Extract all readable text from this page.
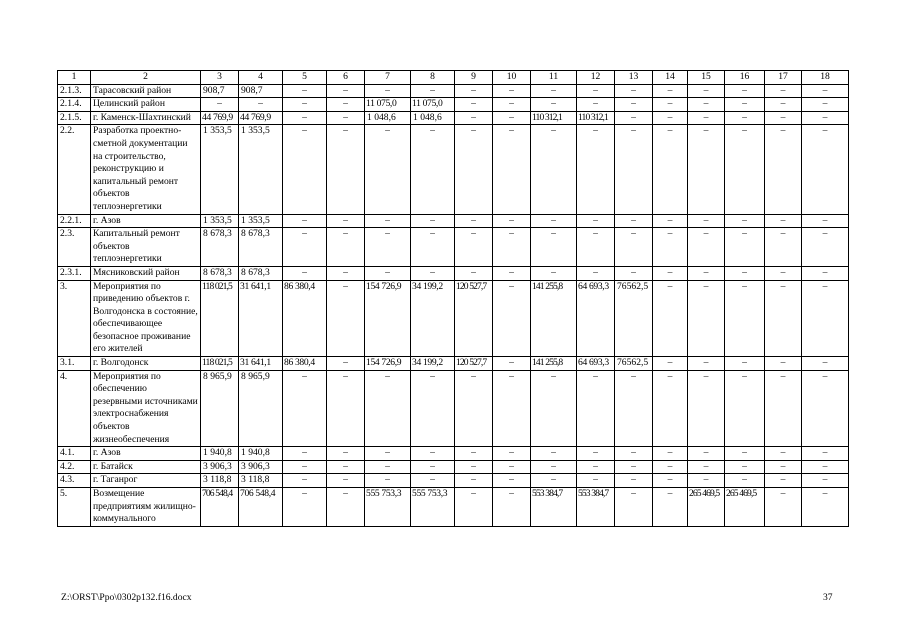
1	2	3	4	5	6	7	8	9	10	11	12	13	14	15	16	17	18
2.1.3.	Тарасовский район	908,7	908,7	–	–	–	–	–	–	–	–	–	–	–	–	–	–
2.1.4.	Целинский район	–	–	–	–	11 075,0	11 075,0	–	–	–	–	–	–	–	–	–	–
2.1.5.	г. Каменск-Шахтинский	44 769,9	44 769,9	–	–	1 048,6	1 048,6	–	–	110 312,1	110 312,1	–	–	–	–	–	–
2.2.	Разработка проектно-сметной документации на строительство, реконструкцию и капитальный ремонт объектов теплоэнергетики	1 353,5	1 353,5	–	–	–	–	–	–	–	–	–	–	–	–	–	–
2.2.1.	г. Азов	1 353,5	1 353,5	–	–	–	–	–	–	–	–	–	–	–	–	–	–
2.3.	Капитальный ремонт объектов теплоэнергетики	8 678,3	8 678,3	–	–	–	–	–	–	–	–	–	–	–	–	–	–
2.3.1.	Мясниковский район	8 678,3	8 678,3	–	–	–	–	–	–	–	–	–	–	–	–	–	–
3.	Мероприятия по приведению объектов г. Волгодонска в состояние, обеспечивающее безопасное проживание его жителей	118 021,5	31 641,1	86 380,4	–	154 726,9	34 199,2	120 527,7	–	141 255,8	64 693,3	76562,5	–	–	–	–	–
3.1.	г. Волгодонск	118 021,5	31 641,1	86 380,4	–	154 726,9	34 199,2	120 527,7	–	141 255,8	64 693,3	76562,5	–	–	–	–	–
4.	Мероприятия по обеспечению резервными источниками электроснабжения объектов жизнеобеспечения	8 965,9	8 965,9	–	–	–	–	–	–	–	–	–	–	–	–	–	–
4.1.	г. Азов	1 940,8	1 940,8	–	–	–	–	–	–	–	–	–	–	–	–	–	–
4.2.	г. Батайск	3 906,3	3 906,3	–	–	–	–	–	–	–	–	–	–	–	–	–	–
4.3.	г. Таганрог	3 118,8	3 118,8	–	–	–	–	–	–	–	–	–	–	–	–	–	–
5.	Возмещение предприятиям жилищно-коммунального	706 548,4	706 548,4	–	–	555 753,3	555 753,3	–	–	553 384,7	553 384,7	–	–	265 469,5	265 469,5	–	–
Z:\ORST\Ppo\0302p132.f16.docx	37
